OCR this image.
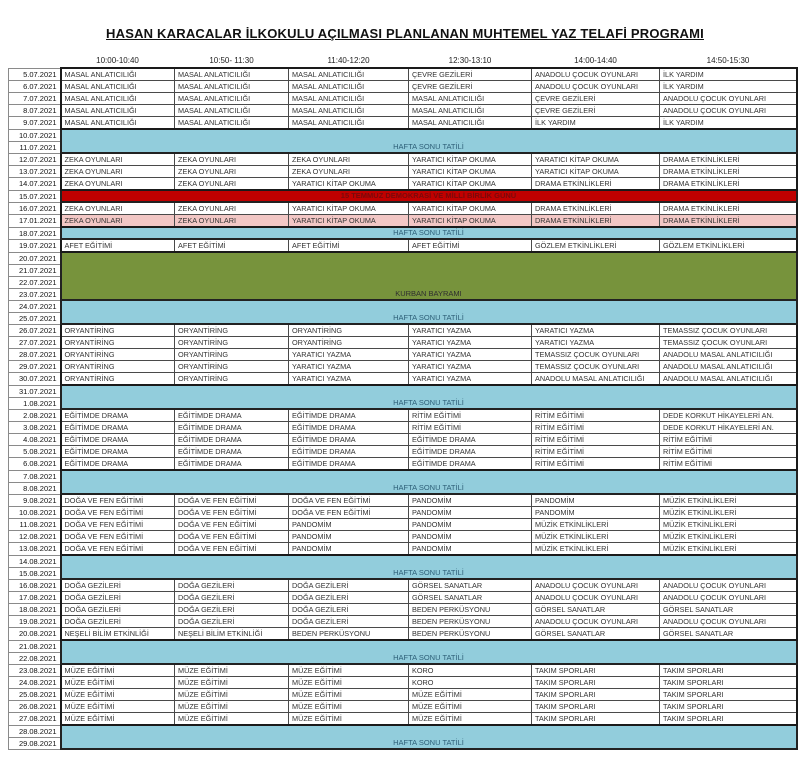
HASAN KARACALAR İLKOKULU AÇILMASI PLANLANAN MUHTEMEL YAZ TELAFİ PROGRAMI
	10:00-10:40	10:50- 11:30	11:40-12:20	12:30-13:10	14:00-14:40	14:50-15:30
5.07.2021	MASAL ANLATICILIĞI	MASAL ANLATICILIĞI	MASAL ANLATICILIĞI	ÇEVRE GEZİLERİ	ANADOLU ÇOCUK OYUNLARI	İLK YARDIM
6.07.2021	MASAL ANLATICILIĞI	MASAL ANLATICILIĞI	MASAL ANLATICILIĞI	ÇEVRE GEZİLERİ	ANADOLU ÇOCUK OYUNLARI	İLK YARDIM
7.07.2021	MASAL ANLATICILIĞI	MASAL ANLATICILIĞI	MASAL ANLATICILIĞI	MASAL ANLATICILIĞI	ÇEVRE GEZİLERİ	ANADOLU ÇOCUK OYUNLARI
8.07.2021	MASAL ANLATICILIĞI	MASAL ANLATICILIĞI	MASAL ANLATICILIĞI	MASAL ANLATICILIĞI	ÇEVRE GEZİLERİ	ANADOLU ÇOCUK OYUNLARI
9.07.2021	MASAL ANLATICILIĞI	MASAL ANLATICILIĞI	MASAL ANLATICILIĞI	MASAL ANLATICILIĞI	İLK YARDIM	İLK YARDIM
10.07.2021	HAFTA SONU TATİLİ					
11.07.2021						
12.07.2021	ZEKA OYUNLARI	ZEKA OYUNLARI	ZEKA OYUNLARI	YARATICI KİTAP OKUMA	YARATICI KİTAP OKUMA	DRAMA ETKİNLİKLERİ
13.07.2021	ZEKA OYUNLARI	ZEKA OYUNLARI	ZEKA OYUNLARI	YARATICI KİTAP OKUMA	YARATICI KİTAP OKUMA	DRAMA ETKİNLİKLERİ
14.07.2021	ZEKA OYUNLARI	ZEKA OYUNLARI	YARATICI KİTAP OKUMA	YARATICI KİTAP OKUMA	DRAMA ETKİNLİKLERİ	DRAMA ETKİNLİKLERİ
15.07.2021	15 TEMMUZ DEMOKRASİ VE MİLLİ BİRLİK GÜNÜ					
16.07.2021	ZEKA OYUNLARI	ZEKA OYUNLARI	YARATICI KİTAP OKUMA	YARATICI KİTAP OKUMA	DRAMA ETKİNLİKLERİ	DRAMA ETKİNLİKLERİ
17.01.2021	ZEKA OYUNLARI	ZEKA OYUNLARI	YARATICI KİTAP OKUMA	YARATICI KİTAP OKUMA	DRAMA ETKİNLİKLERİ	DRAMA ETKİNLİKLERİ
18.07.2021	HAFTA SONU TATİLİ					
19.07.2021	AFET EĞİTİMİ	AFET EĞİTİMİ	AFET EĞİTİMİ	AFET EĞİTİMİ	GÖZLEM ETKİNLİKLERİ	GÖZLEM ETKİNLİKLERİ
20.07.2021	KURBAN BAYRAMI					
21.07.2021						
22.07.2021						
23.07.2021						
24.07.2021	HAFTA SONU TATİLİ					
25.07.2021						
26.07.2021	ORYANTİRİNG	ORYANTİRİNG	ORYANTİRİNG	YARATICI YAZMA	YARATICI YAZMA	TEMASSIZ ÇOCUK OYUNLARI
27.07.2021	ORYANTİRİNG	ORYANTİRİNG	ORYANTİRİNG	YARATICI YAZMA	YARATICI YAZMA	TEMASSIZ ÇOCUK OYUNLARI
28.07.2021	ORYANTİRİNG	ORYANTİRİNG	YARATICI YAZMA	YARATICI YAZMA	TEMASSIZ ÇOCUK OYUNLARI	ANADOLU MASAL ANLATICILIĞI
29.07.2021	ORYANTİRİNG	ORYANTİRİNG	YARATICI YAZMA	YARATICI YAZMA	TEMASSIZ ÇOCUK OYUNLARI	ANADOLU MASAL ANLATICILIĞI
30.07.2021	ORYANTİRİNG	ORYANTİRİNG	YARATICI YAZMA	YARATICI YAZMA	ANADOLU MASAL ANLATICILIĞI	ANADOLU MASAL ANLATICILIĞI
31.07.2021	HAFTA SONU TATİLİ					
1.08.2021						
2.08.2021	EĞİTİMDE DRAMA	EĞİTİMDE DRAMA	EĞİTİMDE DRAMA	RİTİM EĞİTİMİ	RİTİM EĞİTİMİ	DEDE KORKUT HİKAYELERİ AN.
3.08.2021	EĞİTİMDE DRAMA	EĞİTİMDE DRAMA	EĞİTİMDE DRAMA	RİTİM EĞİTİMİ	RİTİM EĞİTİMİ	DEDE KORKUT HİKAYELERİ AN.
4.08.2021	EĞİTİMDE DRAMA	EĞİTİMDE DRAMA	EĞİTİMDE DRAMA	EĞİTİMDE DRAMA	RİTİM EĞİTİMİ	RİTİM EĞİTİMİ
5.08.2021	EĞİTİMDE DRAMA	EĞİTİMDE DRAMA	EĞİTİMDE DRAMA	EĞİTİMDE DRAMA	RİTİM EĞİTİMİ	RİTİM EĞİTİMİ
6.08.2021	EĞİTİMDE DRAMA	EĞİTİMDE DRAMA	EĞİTİMDE DRAMA	EĞİTİMDE DRAMA	RİTİM EĞİTİMİ	RİTİM EĞİTİMİ
7.08.2021	HAFTA SONU TATİLİ					
8.08.2021						
9.08.2021	DOĞA VE FEN EĞİTİMİ	DOĞA VE FEN EĞİTİMİ	DOĞA VE FEN EĞİTİMİ	PANDOMİM	PANDOMİM	MÜZİK ETKİNLİKLERİ
10.08.2021	DOĞA VE FEN EĞİTİMİ	DOĞA VE FEN EĞİTİMİ	DOĞA VE FEN EĞİTİMİ	PANDOMİM	PANDOMİM	MÜZİK ETKİNLİKLERİ
11.08.2021	DOĞA VE FEN EĞİTİMİ	DOĞA VE FEN EĞİTİMİ	PANDOMİM	PANDOMİM	MÜZİK ETKİNLİKLERİ	MÜZİK ETKİNLİKLERİ
12.08.2021	DOĞA VE FEN EĞİTİMİ	DOĞA VE FEN EĞİTİMİ	PANDOMİM	PANDOMİM	MÜZİK ETKİNLİKLERİ	MÜZİK ETKİNLİKLERİ
13.08.2021	DOĞA VE FEN EĞİTİMİ	DOĞA VE FEN EĞİTİMİ	PANDOMİM	PANDOMİM	MÜZİK ETKİNLİKLERİ	MÜZİK ETKİNLİKLERİ
14.08.2021	HAFTA SONU TATİLİ					
15.08.2021						
16.08.2021	DOĞA GEZİLERİ	DOĞA GEZİLERİ	DOĞA GEZİLERİ	GÖRSEL SANATLAR	ANADOLU ÇOCUK OYUNLARI	ANADOLU ÇOCUK OYUNLARI
17.08.2021	DOĞA GEZİLERİ	DOĞA GEZİLERİ	DOĞA GEZİLERİ	GÖRSEL SANATLAR	ANADOLU ÇOCUK OYUNLARI	ANADOLU ÇOCUK OYUNLARI
18.08.2021	DOĞA GEZİLERİ	DOĞA GEZİLERİ	DOĞA GEZİLERİ	BEDEN PERKÜSYONU	GÖRSEL SANATLAR	GÖRSEL SANATLAR
19.08.2021	DOĞA GEZİLERİ	DOĞA GEZİLERİ	DOĞA GEZİLERİ	BEDEN PERKÜSYONU	ANADOLU ÇOCUK OYUNLARI	ANADOLU ÇOCUK OYUNLARI
20.08.2021	NEŞELİ BİLİM ETKİNLİĞİ	NEŞELİ BİLİM ETKİNLİĞİ	BEDEN PERKÜSYONU	BEDEN PERKÜSYONU	GÖRSEL SANATLAR	GÖRSEL SANATLAR
21.08.2021	HAFTA SONU TATİLİ					
22.08.2021						
23.08.2021	MÜZE EĞİTİMİ	MÜZE EĞİTİMİ	MÜZE EĞİTİMİ	KORO	TAKIM SPORLARI	TAKIM SPORLARI
24.08.2021	MÜZE EĞİTİMİ	MÜZE EĞİTİMİ	MÜZE EĞİTİMİ	KORO	TAKIM SPORLARI	TAKIM SPORLARI
25.08.2021	MÜZE EĞİTİMİ	MÜZE EĞİTİMİ	MÜZE EĞİTİMİ	MÜZE EĞİTİMİ	TAKIM SPORLARI	TAKIM SPORLARI
26.08.2021	MÜZE EĞİTİMİ	MÜZE EĞİTİMİ	MÜZE EĞİTİMİ	MÜZE EĞİTİMİ	TAKIM SPORLARI	TAKIM SPORLARI
27.08.2021	MÜZE EĞİTİMİ	MÜZE EĞİTİMİ	MÜZE EĞİTİMİ	MÜZE EĞİTİMİ	TAKIM SPORLARI	TAKIM SPORLARI
28.08.2021	HAFTA SONU TATİLİ					
29.08.2021						
